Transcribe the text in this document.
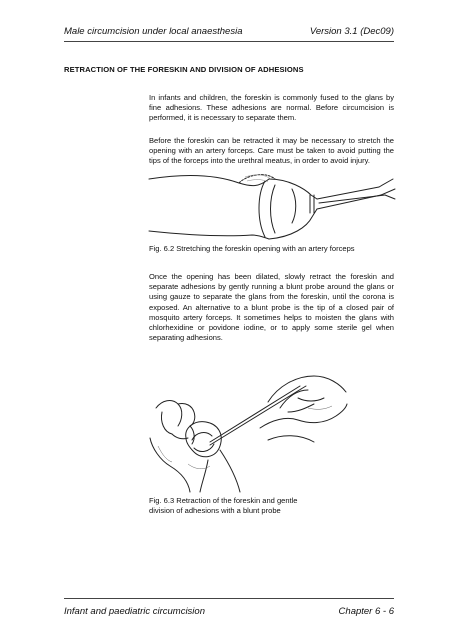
Male circumcision under local anaesthesia	Version 3.1 (Dec09)
RETRACTION OF THE FORESKIN AND DIVISION OF ADHESIONS

In infants and children, the foreskin is commonly fused to the glans by fine adhesions. These adhesions are normal. Before circumcision is performed, it is necessary to separate them.

Before the foreskin can be retracted it may be necessary to stretch the opening with an artery forceps. Care must be taken to avoid putting the tips of the forceps into the urethral meatus, in order to avoid injury.

Fig. 6.2 Stretching the foreskin opening with an artery forceps

Once the opening has been dilated, slowly retract the foreskin and separate adhesions by gently running a blunt probe around the glans or using gauze to separate the glans from the foreskin, until the corona is exposed. An alternative to a blunt probe is the tip of a closed pair of mosquito artery forceps. It sometimes helps to moisten the glans with chlorhexidine or povidone iodine, or to apply some sterile gel when separating adhesions.

Fig. 6.3 Retraction of the foreskin and gentle division of adhesions with a blunt probe

Infant and paediatric circumcision	Chapter 6 - 6
